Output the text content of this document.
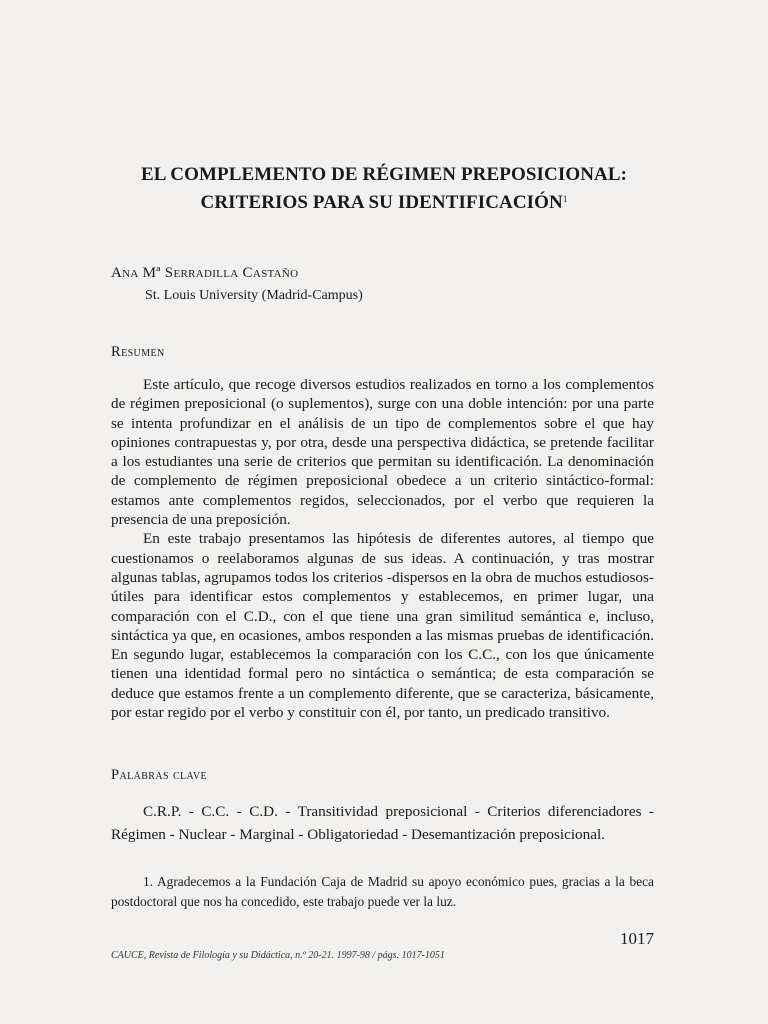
EL COMPLEMENTO DE RÉGIMEN PREPOSICIONAL:
CRITERIOS PARA SU IDENTIFICACIÓN$^1$
Ana Mª Serradilla Castaño
St. Louis University (Madrid-Campus)
Resumen

Este artículo, que recoge diversos estudios realizados en torno a los complementos de régimen preposicional (o suplementos), surge con una doble intención: por una parte se intenta profundizar en el análisis de un tipo de complementos sobre el que hay opiniones contrapuestas y, por otra, desde una perspectiva didáctica, se pretende facilitar a los estudiantes una serie de criterios que permitan su identificación. La denominación de complemento de régimen preposicional obedece a un criterio sintáctico-formal: estamos ante complementos regidos, seleccionados, por el verbo que requieren la presencia de una preposición.

En este trabajo presentamos las hipótesis de diferentes autores, al tiempo que cuestionamos o reelaboramos algunas de sus ideas. A continuación, y tras mostrar algunas tablas, agrupamos todos los criterios -dispersos en la obra de muchos estudiosos- útiles para identificar estos complementos y establecemos, en primer lugar, una comparación con el C.D., con el que tiene una gran similitud semántica e, incluso, sintáctica ya que, en ocasiones, ambos responden a las mismas pruebas de identificación. En segundo lugar, establecemos la comparación con los C.C., con los que únicamente tienen una identidad formal pero no sintáctica o semántica; de esta comparación se deduce que estamos frente a un complemento diferente, que se caracteriza, básicamente, por estar regido por el verbo y constituir con él, por tanto, un predicado transitivo.

Palabras clave

C.R.P. - C.C. - C.D. - Transitividad preposicional - Criterios diferenciadores - Régimen - Nuclear - Marginal - Obligatoriedad - Desemantización preposicional.

1. Agradecemos a la Fundación Caja de Madrid su apoyo económico pues, gracias a la beca postdoctoral que nos ha concedido, este trabajo puede ver la luz.

1017
CAUCE, Revista de Filología y su Didáctica, n.º 20-21. 1997-98 / págs. 1017-1051
